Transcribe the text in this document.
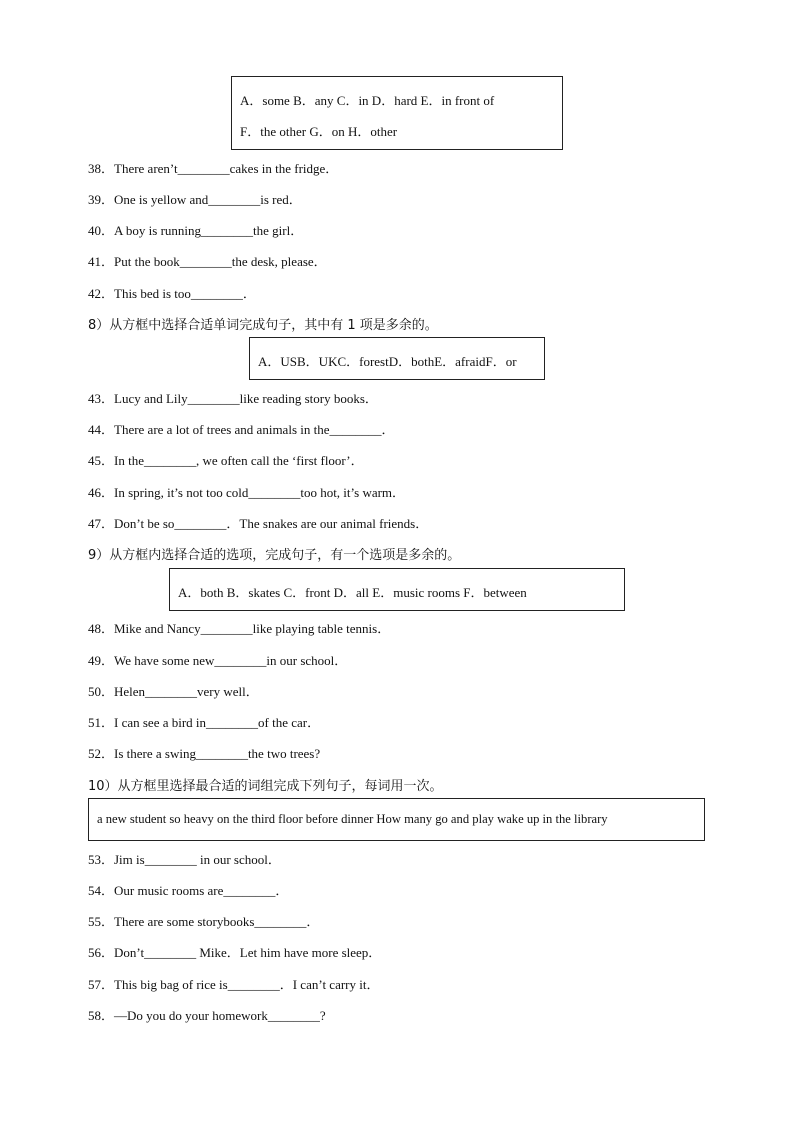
A．some B．any C．in D．hard E．in front of
F．the other G．on H．other
38．There aren’t________cakes in the fridge．
39．One is yellow and________is red．
40．A boy is running________the girl．
41．Put the book________the desk, please．
42．This bed is too________．
8）从方框中选择合适单词完成句子，其中有 1 项是多余的。
A．USB．UKC．forestD．bothE．afraidF．or
43．Lucy and Lily________like reading story books．
44．There are a lot of trees and animals in the________．
45．In the________, we often call the ‘first floor’．
46．In spring, it’s not too cold________too hot, it’s warm．
47．Don’t be so________．The snakes are our animal friends．
9）从方框内选择合适的选项，完成句子，有一个选项是多余的。
A．both B．skates C．front D．all E．music rooms F．between
48．Mike and Nancy________like playing table tennis．
49．We have some new________in our school．
50．Helen________very well．
51．I can see a bird in________of the car．
52．Is there a swing________the two trees?
10）从方框里选择最合适的词组完成下列句子，每词用一次。
a new student so heavy on the third floor before dinner How many go and play wake up in the library
53．Jim is________ in our school．
54．Our music rooms are________．
55．There are some storybooks________．
56．Don’t________ Mike．Let him have more sleep．
57．This big bag of rice is________．I can’t carry it．
58．—Do you do your homework________?
